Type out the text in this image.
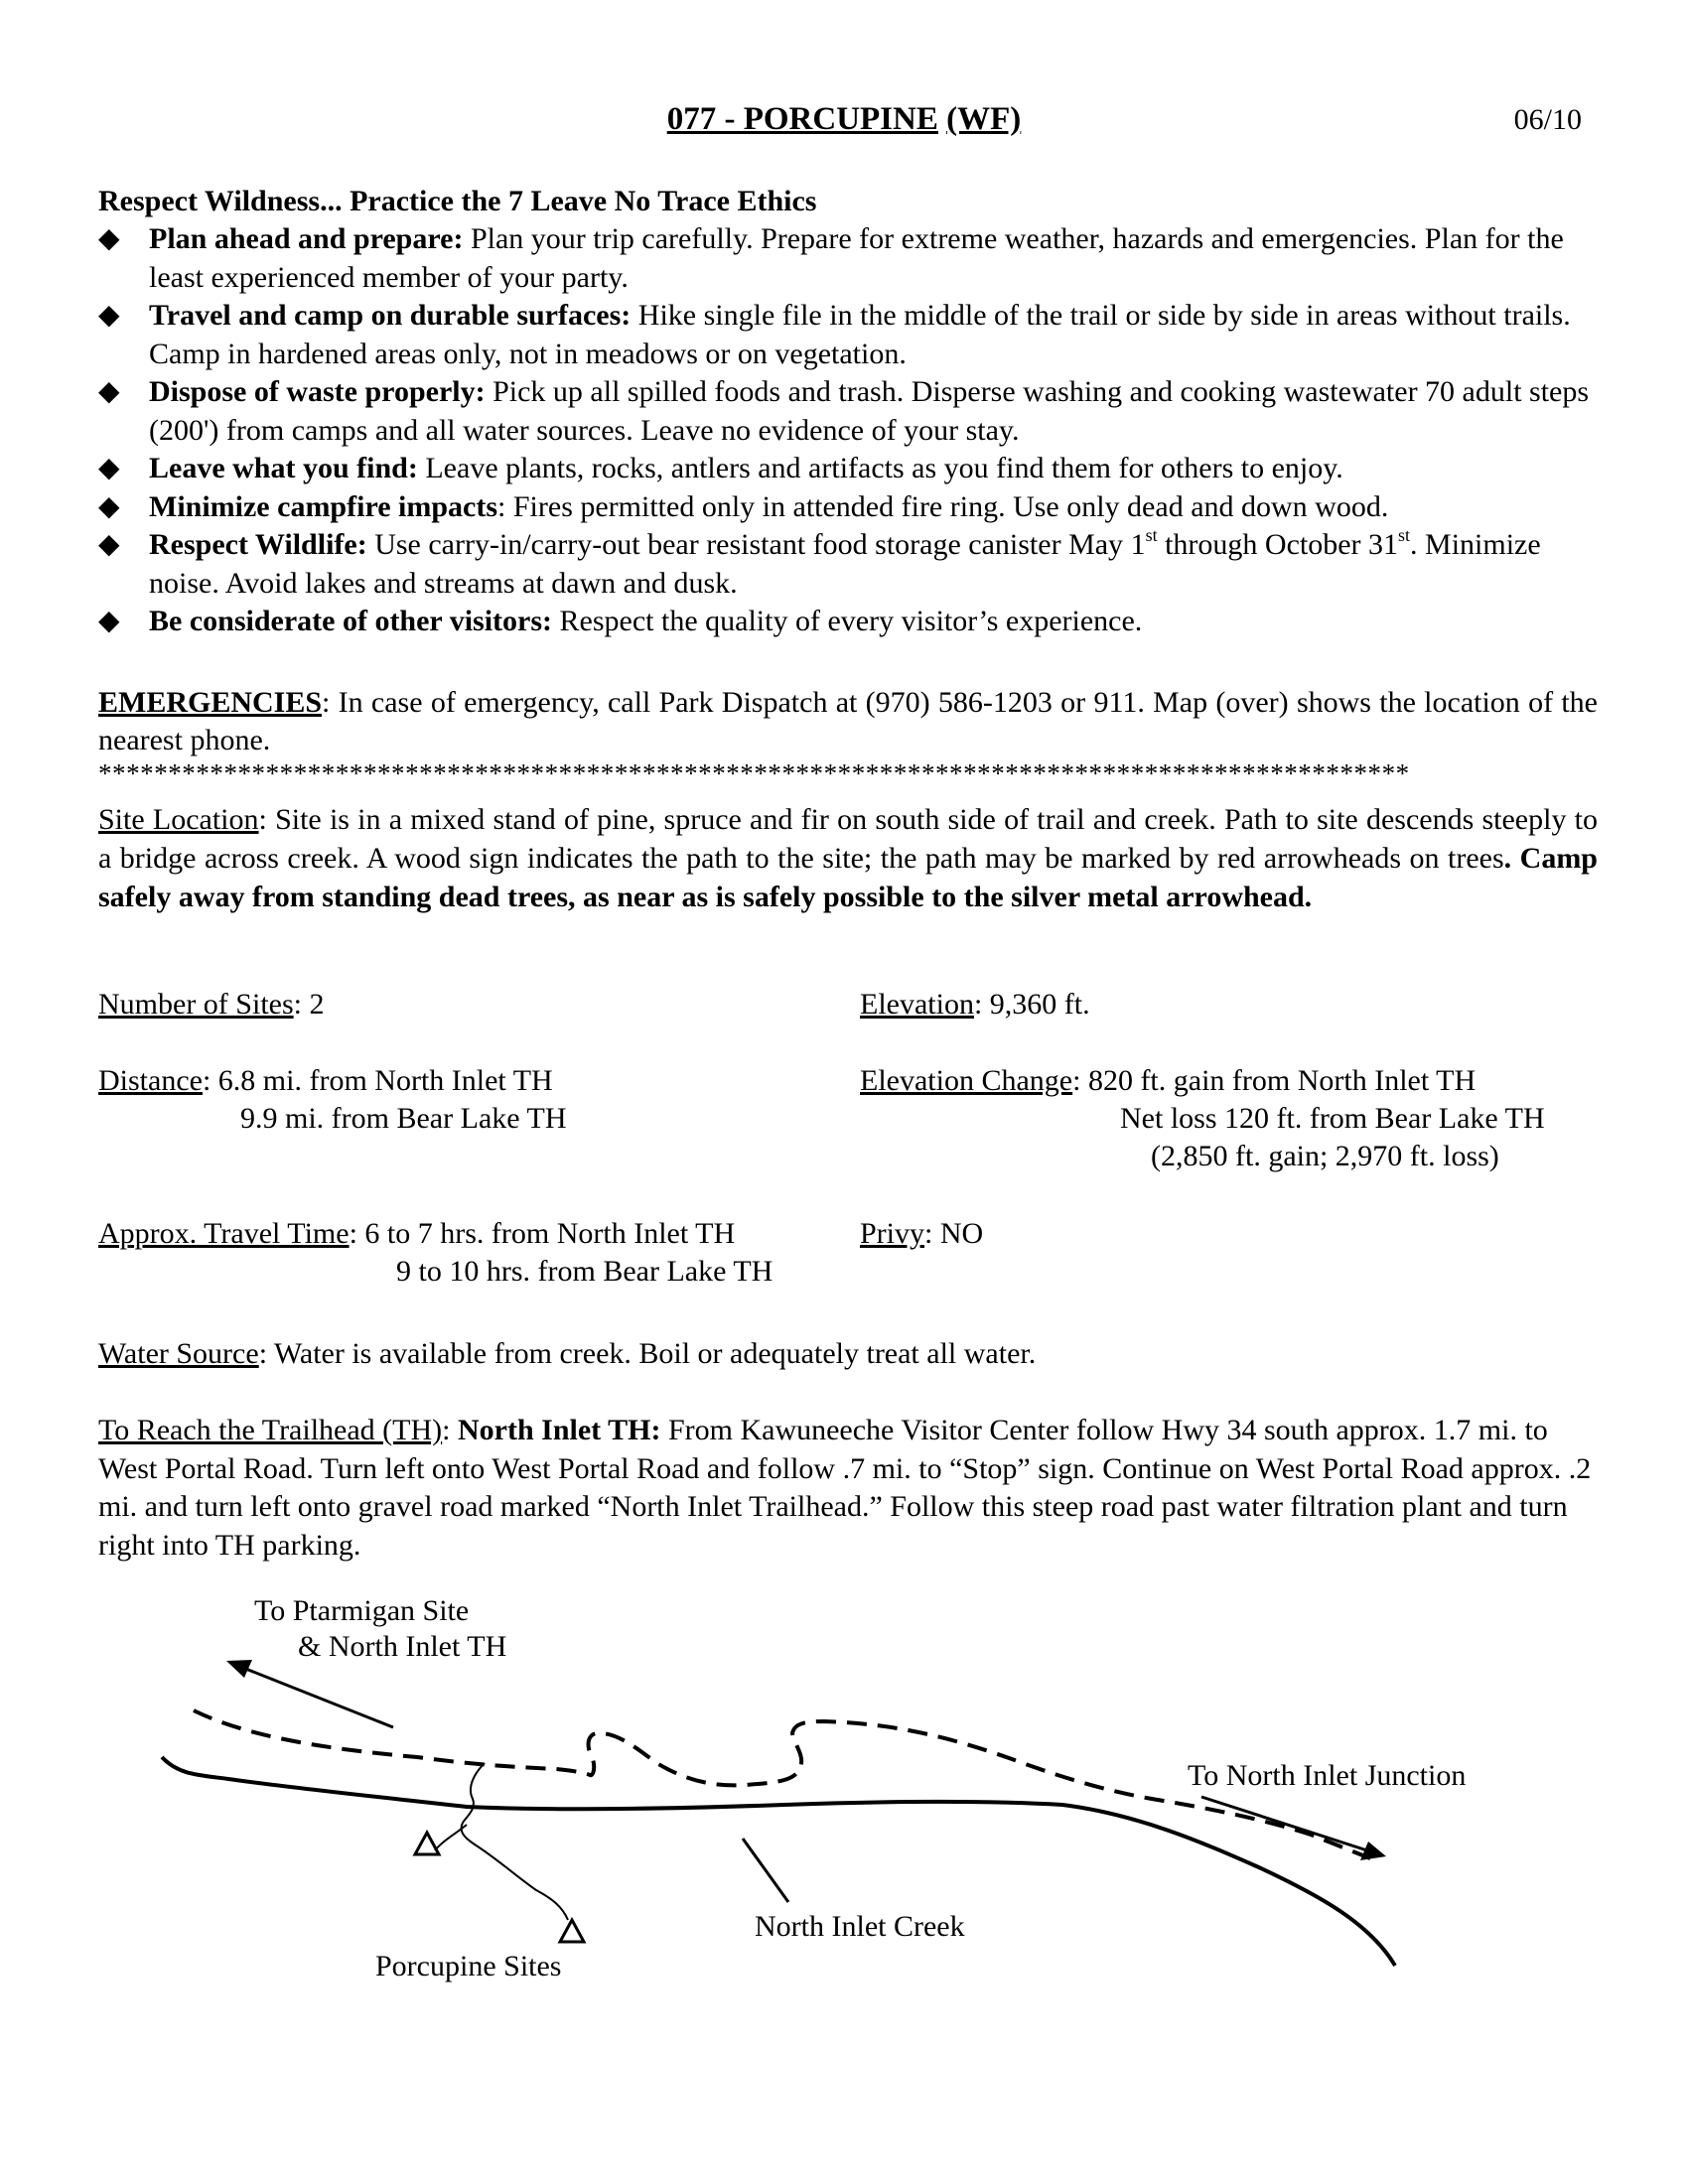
077 - PORCUPINE (WF)	06/10
Respect Wildness... Practice the 7 Leave No Trace Ethics
◆ Plan ahead and prepare: Plan your trip carefully. Prepare for extreme weather, hazards and emergencies. Plan for the least experienced member of your party.
◆ Travel and camp on durable surfaces: Hike single file in the middle of the trail or side by side in areas without trails. Camp in hardened areas only, not in meadows or on vegetation.
◆ Dispose of waste properly: Pick up all spilled foods and trash. Disperse washing and cooking wastewater 70 adult steps (200') from camps and all water sources. Leave no evidence of your stay.
◆ Leave what you find: Leave plants, rocks, antlers and artifacts as you find them for others to enjoy.
◆ Minimize campfire impacts: Fires permitted only in attended fire ring. Use only dead and down wood.
◆ Respect Wildlife: Use carry-in/carry-out bear resistant food storage canister May 1st through October 31st. Minimize noise. Avoid lakes and streams at dawn and dusk.
◆ Be considerate of other visitors: Respect the quality of every visitor’s experience.
EMERGENCIES: In case of emergency, call Park Dispatch at (970) 586-1203 or 911. Map (over) shows the location of the nearest phone.
**********************************************************************************************
Site Location: Site is in a mixed stand of pine, spruce and fir on south side of trail and creek. Path to site descends steeply to a bridge across creek. A wood sign indicates the path to the site; the path may be marked by red arrowheads on trees. Camp safely away from standing dead trees, as near as is safely possible to the silver metal arrowhead.
Number of Sites: 2	Elevation: 9,360 ft.
Distance: 6.8 mi. from North Inlet TH
9.9 mi. from Bear Lake TH
Elevation Change: 820 ft. gain from North Inlet TH
Net loss 120 ft. from Bear Lake TH
(2,850 ft. gain; 2,970 ft. loss)
Approx. Travel Time: 6 to 7 hrs. from North Inlet TH
9 to 10 hrs. from Bear Lake TH
Privy: NO
Water Source: Water is available from creek. Boil or adequately treat all water.
To Reach the Trailhead (TH): North Inlet TH: From Kawuneeche Visitor Center follow Hwy 34 south approx. 1.7 mi. to West Portal Road. Turn left onto West Portal Road and follow .7 mi. to “Stop” sign. Continue on West Portal Road approx. .2 mi. and turn left onto gravel road marked “North Inlet Trailhead.” Follow this steep road past water filtration plant and turn right into TH parking.
To Ptarmigan Site
& North Inlet TH
To North Inlet Junction
North Inlet Creek
Porcupine Sites
